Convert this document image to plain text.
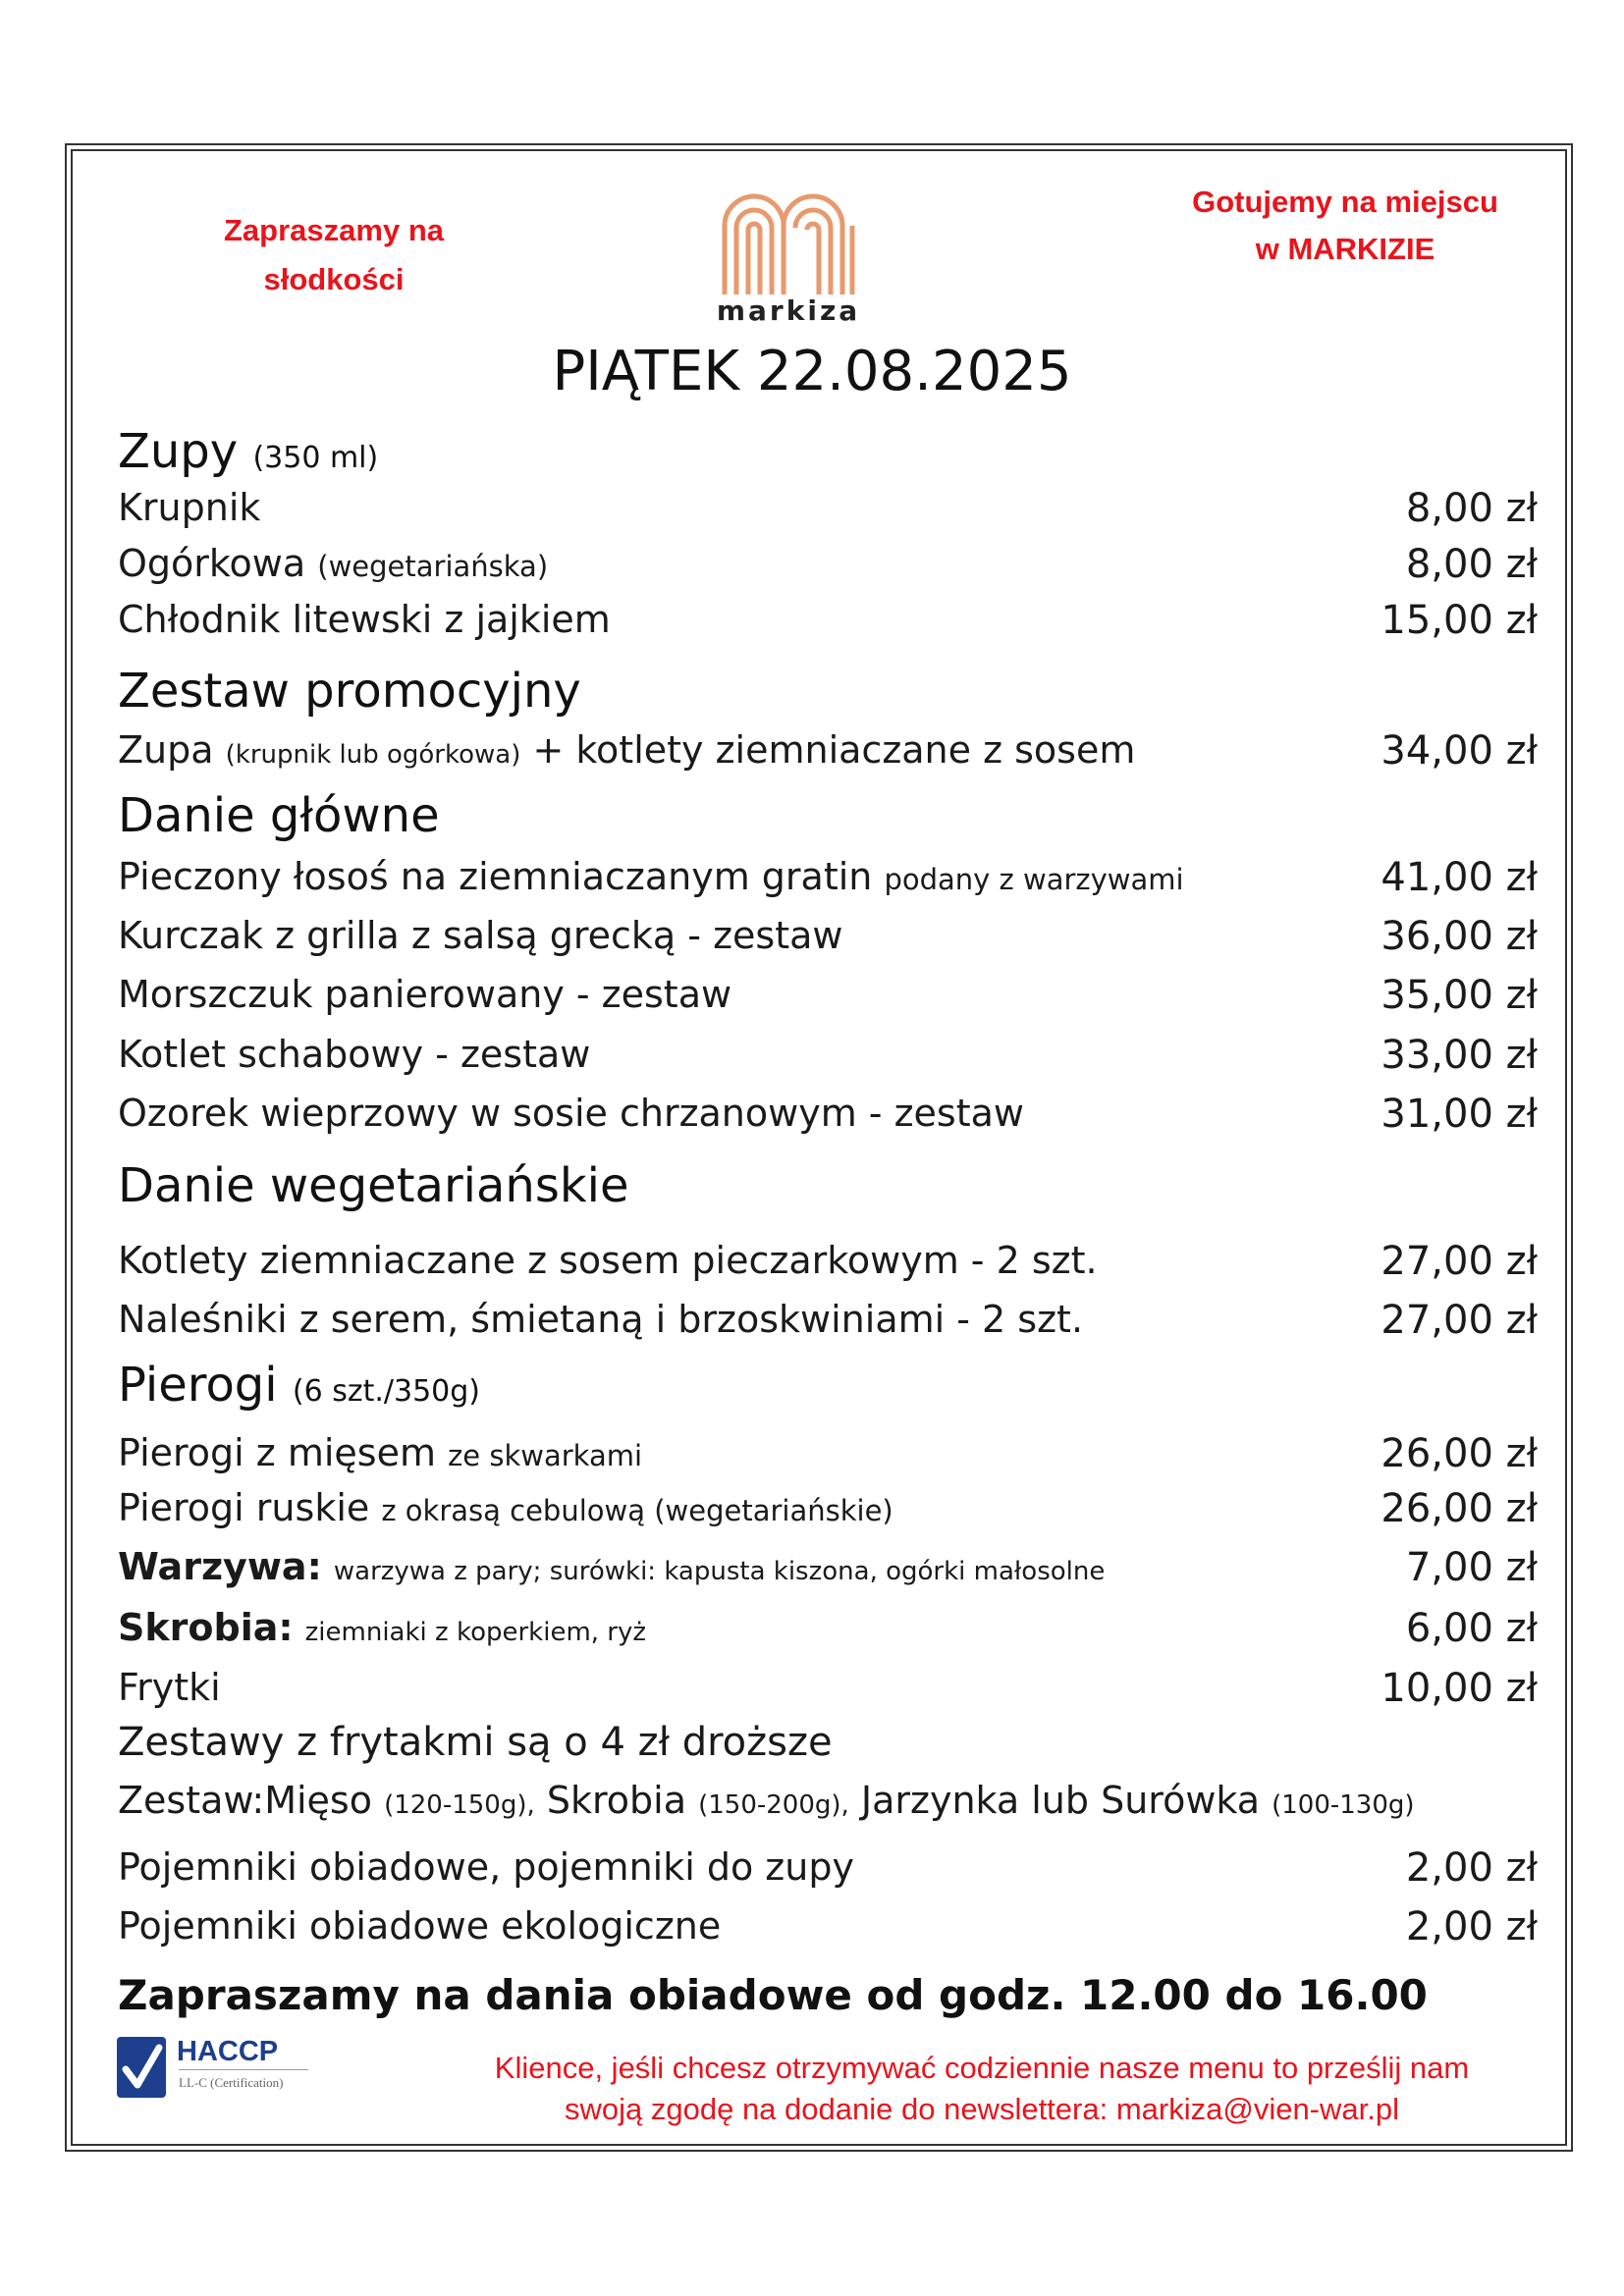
Zapraszamy na
słodkości
Gotujemy na miejscu
w MARKIZIE
markiza
PIĄTEK 22.08.2025
Zupy (350 ml)
Krupnik	8,00 zł
Ogórkowa (wegetariańska)	8,00 zł
Chłodnik litewski z jajkiem	15,00 zł
Zestaw promocyjny
Zupa (krupnik lub ogórkowa) + kotlety ziemniaczane z sosem	34,00 zł
Danie główne
Pieczony łosoś na ziemniaczanym gratin podany z warzywami	41,00 zł
Kurczak z grilla z salsą grecką - zestaw	36,00 zł
Morszczuk panierowany - zestaw	35,00 zł
Kotlet schabowy - zestaw	33,00 zł
Ozorek wieprzowy w sosie chrzanowym - zestaw	31,00 zł
Danie wegetariańskie
Kotlety ziemniaczane z sosem pieczarkowym - 2 szt.	27,00 zł
Naleśniki z serem, śmietaną i brzoskwiniami - 2 szt.	27,00 zł
Pierogi (6 szt./350g)
Pierogi z mięsem ze skwarkami	26,00 zł
Pierogi ruskie z okrasą cebulową (wegetariańskie)	26,00 zł
Warzywa: warzywa z pary; surówki: kapusta kiszona, ogórki małosolne	7,00 zł
Skrobia: ziemniaki z koperkiem, ryż	6,00 zł
Frytki	10,00 zł
Zestawy z frytakmi są o 4 zł droższe
Zestaw:Mięso (120-150g), Skrobia (150-200g), Jarzynka lub Surówka (100-130g)
Pojemniki obiadowe, pojemniki do zupy	2,00 zł
Pojemniki obiadowe ekologiczne	2,00 zł
Zapraszamy na dania obiadowe od godz. 12.00 do 16.00
HACCP
LL-C (Certification)	Klience, jeśli chcesz otrzymywać codziennie nasze menu to prześlij nam
swoją zgodę na dodanie do newslettera: markiza@vien-war.pl
